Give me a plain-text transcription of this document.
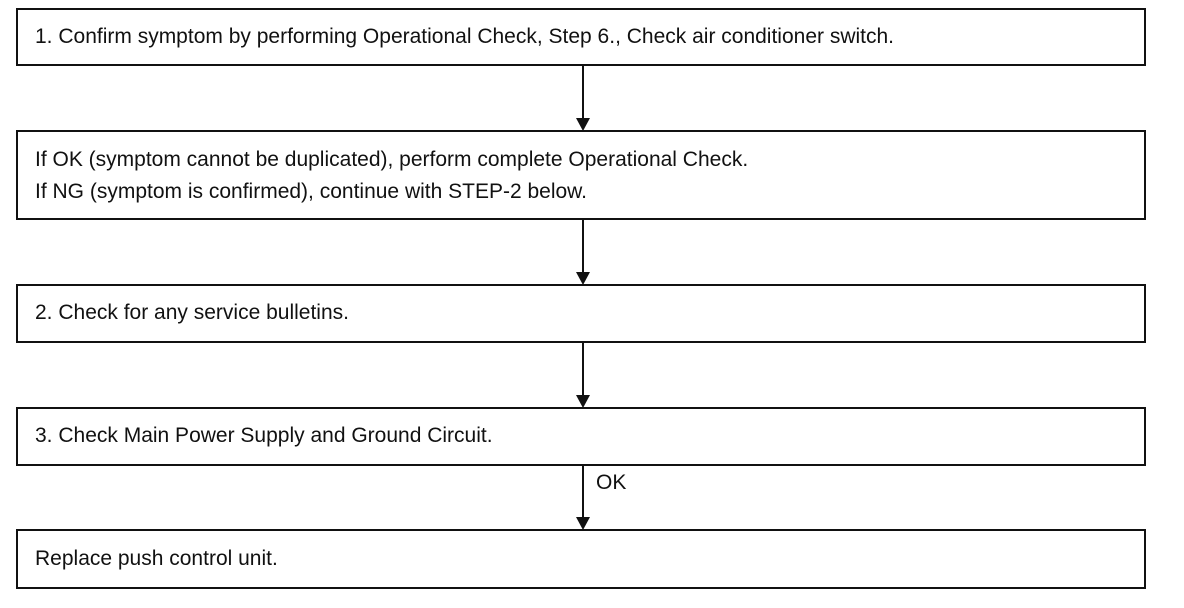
1. Confirm symptom by performing Operational Check, Step 6., Check air conditioner switch.
If OK (symptom cannot be duplicated), perform complete Operational Check.
If NG (symptom is confirmed), continue with STEP-2 below.
2. Check for any service bulletins.
3. Check Main Power Supply and Ground Circuit.
Replace push control unit.
OK
